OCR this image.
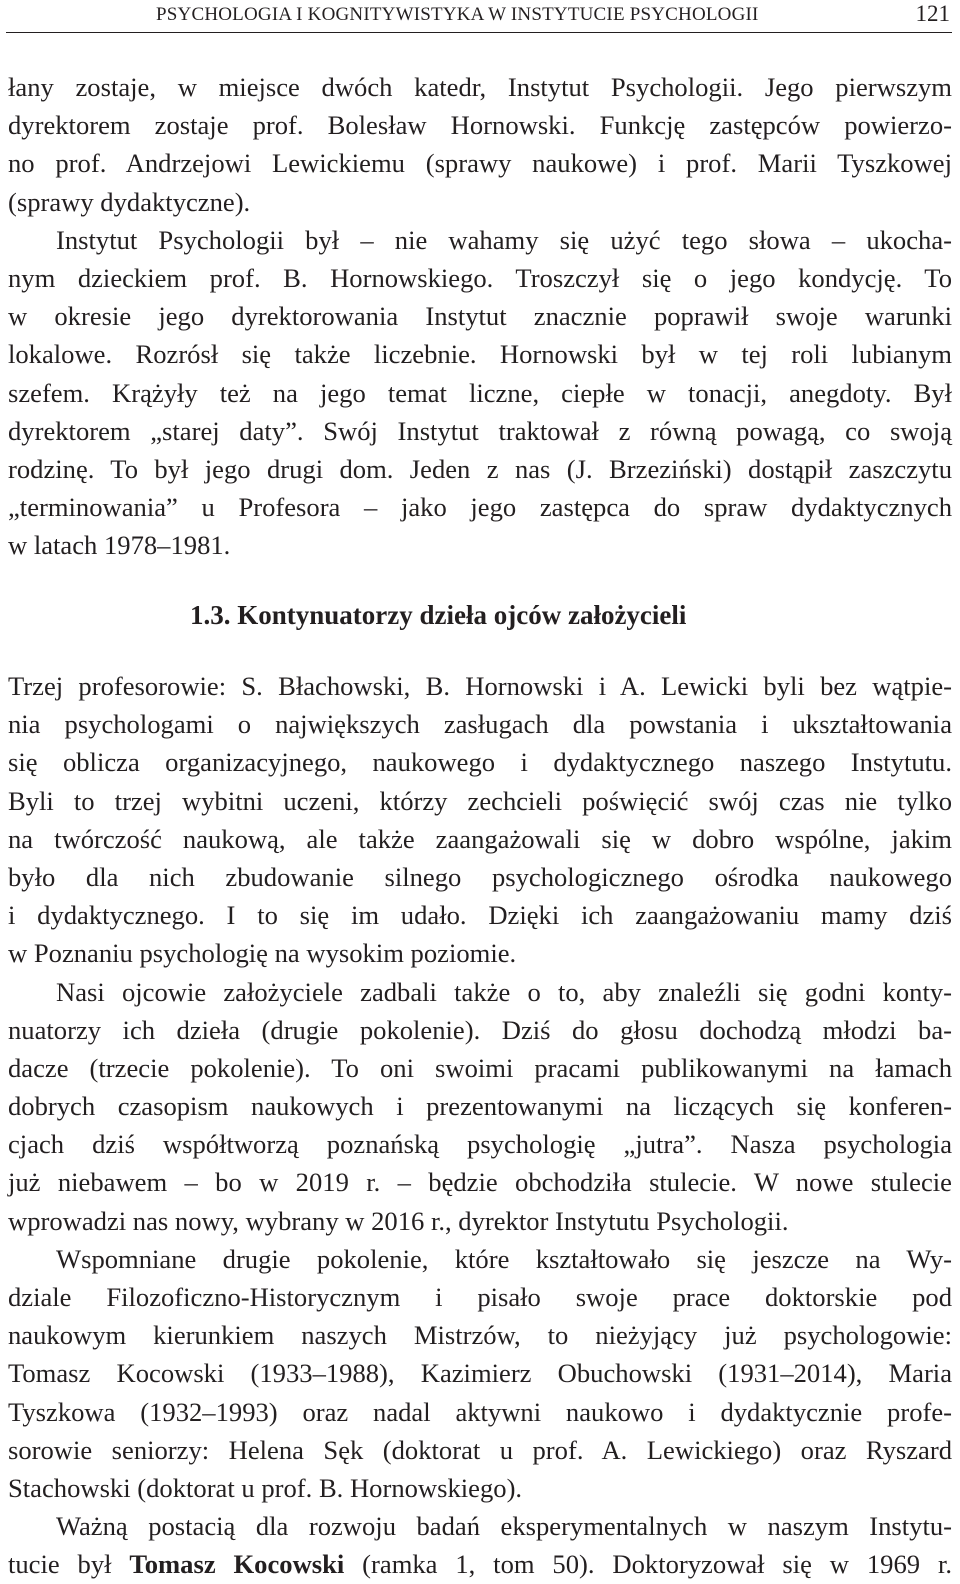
PSYCHOLOGIA I KOGNITYWISTYKA W INSTYTUCIE PSYCHOLOGII	121
łany zostaje, w miejsce dwóch katedr, Instytut Psychologii. Jego pierwszym
dyrektorem zostaje prof. Bolesław Hornowski. Funkcję zastępców powierzo-
no prof. Andrzejowi Lewickiemu (sprawy naukowe) i prof. Marii Tyszkowej
(sprawy dydaktyczne).
Instytut Psychologii był – nie wahamy się użyć tego słowa – ukocha-
nym dzieckiem prof. B. Hornowskiego. Troszczył się o jego kondycję. To
w okresie jego dyrektorowania Instytut znacznie poprawił swoje warunki
lokalowe. Rozrósł się także liczebnie. Hornowski był w tej roli lubianym
szefem. Krążyły też na jego temat liczne, ciepłe w tonacji, anegdoty. Był
dyrektorem „starej daty”. Swój Instytut traktował z równą powagą, co swoją
rodzinę. To był jego drugi dom. Jeden z nas (J. Brzeziński) dostąpił zaszczytu
„terminowania” u Profesora – jako jego zastępca do spraw dydaktycznych
w latach 1978–1981.
1.3. Kontynuatorzy dzieła ojców założycieli
Trzej profesorowie: S. Błachowski, B. Hornowski i A. Lewicki byli bez wątpie-
nia psychologami o największych zasługach dla powstania i ukształtowania
się oblicza organizacyjnego, naukowego i dydaktycznego naszego Instytutu.
Byli to trzej wybitni uczeni, którzy zechcieli poświęcić swój czas nie tylko
na twórczość naukową, ale także zaangażowali się w dobro wspólne, jakim
było dla nich zbudowanie silnego psychologicznego ośrodka naukowego
i dydaktycznego. I to się im udało. Dzięki ich zaangażowaniu mamy dziś
w Poznaniu psychologię na wysokim poziomie.
Nasi ojcowie założyciele zadbali także o to, aby znaleźli się godni konty-
nuatorzy ich dzieła (drugie pokolenie). Dziś do głosu dochodzą młodzi ba-
dacze (trzecie pokolenie). To oni swoimi pracami publikowanymi na łamach
dobrych czasopism naukowych i prezentowanymi na liczących się konferen-
cjach dziś współtworzą poznańską psychologię „jutra”. Nasza psychologia
już niebawem – bo w 2019 r. – będzie obchodziła stulecie. W nowe stulecie
wprowadzi nas nowy, wybrany w 2016 r., dyrektor Instytutu Psychologii.
Wspomniane drugie pokolenie, które kształtowało się jeszcze na Wy-
dziale Filozoficzno-Historycznym i pisało swoje prace doktorskie pod
naukowym kierunkiem naszych Mistrzów, to nieżyjący już psychologowie:
Tomasz Kocowski (1933–1988), Kazimierz Obuchowski (1931–2014), Maria
Tyszkowa (1932–1993) oraz nadal aktywni naukowo i dydaktycznie profe-
sorowie seniorzy: Helena Sęk (doktorat u prof. A. Lewickiego) oraz Ryszard
Stachowski (doktorat u prof. B. Hornowskiego).
Ważną postacią dla rozwoju badań eksperymentalnych w naszym Instytu-
tucie był Tomasz Kocowski (ramka 1, tom 50). Doktoryzował się w 1969 r.
